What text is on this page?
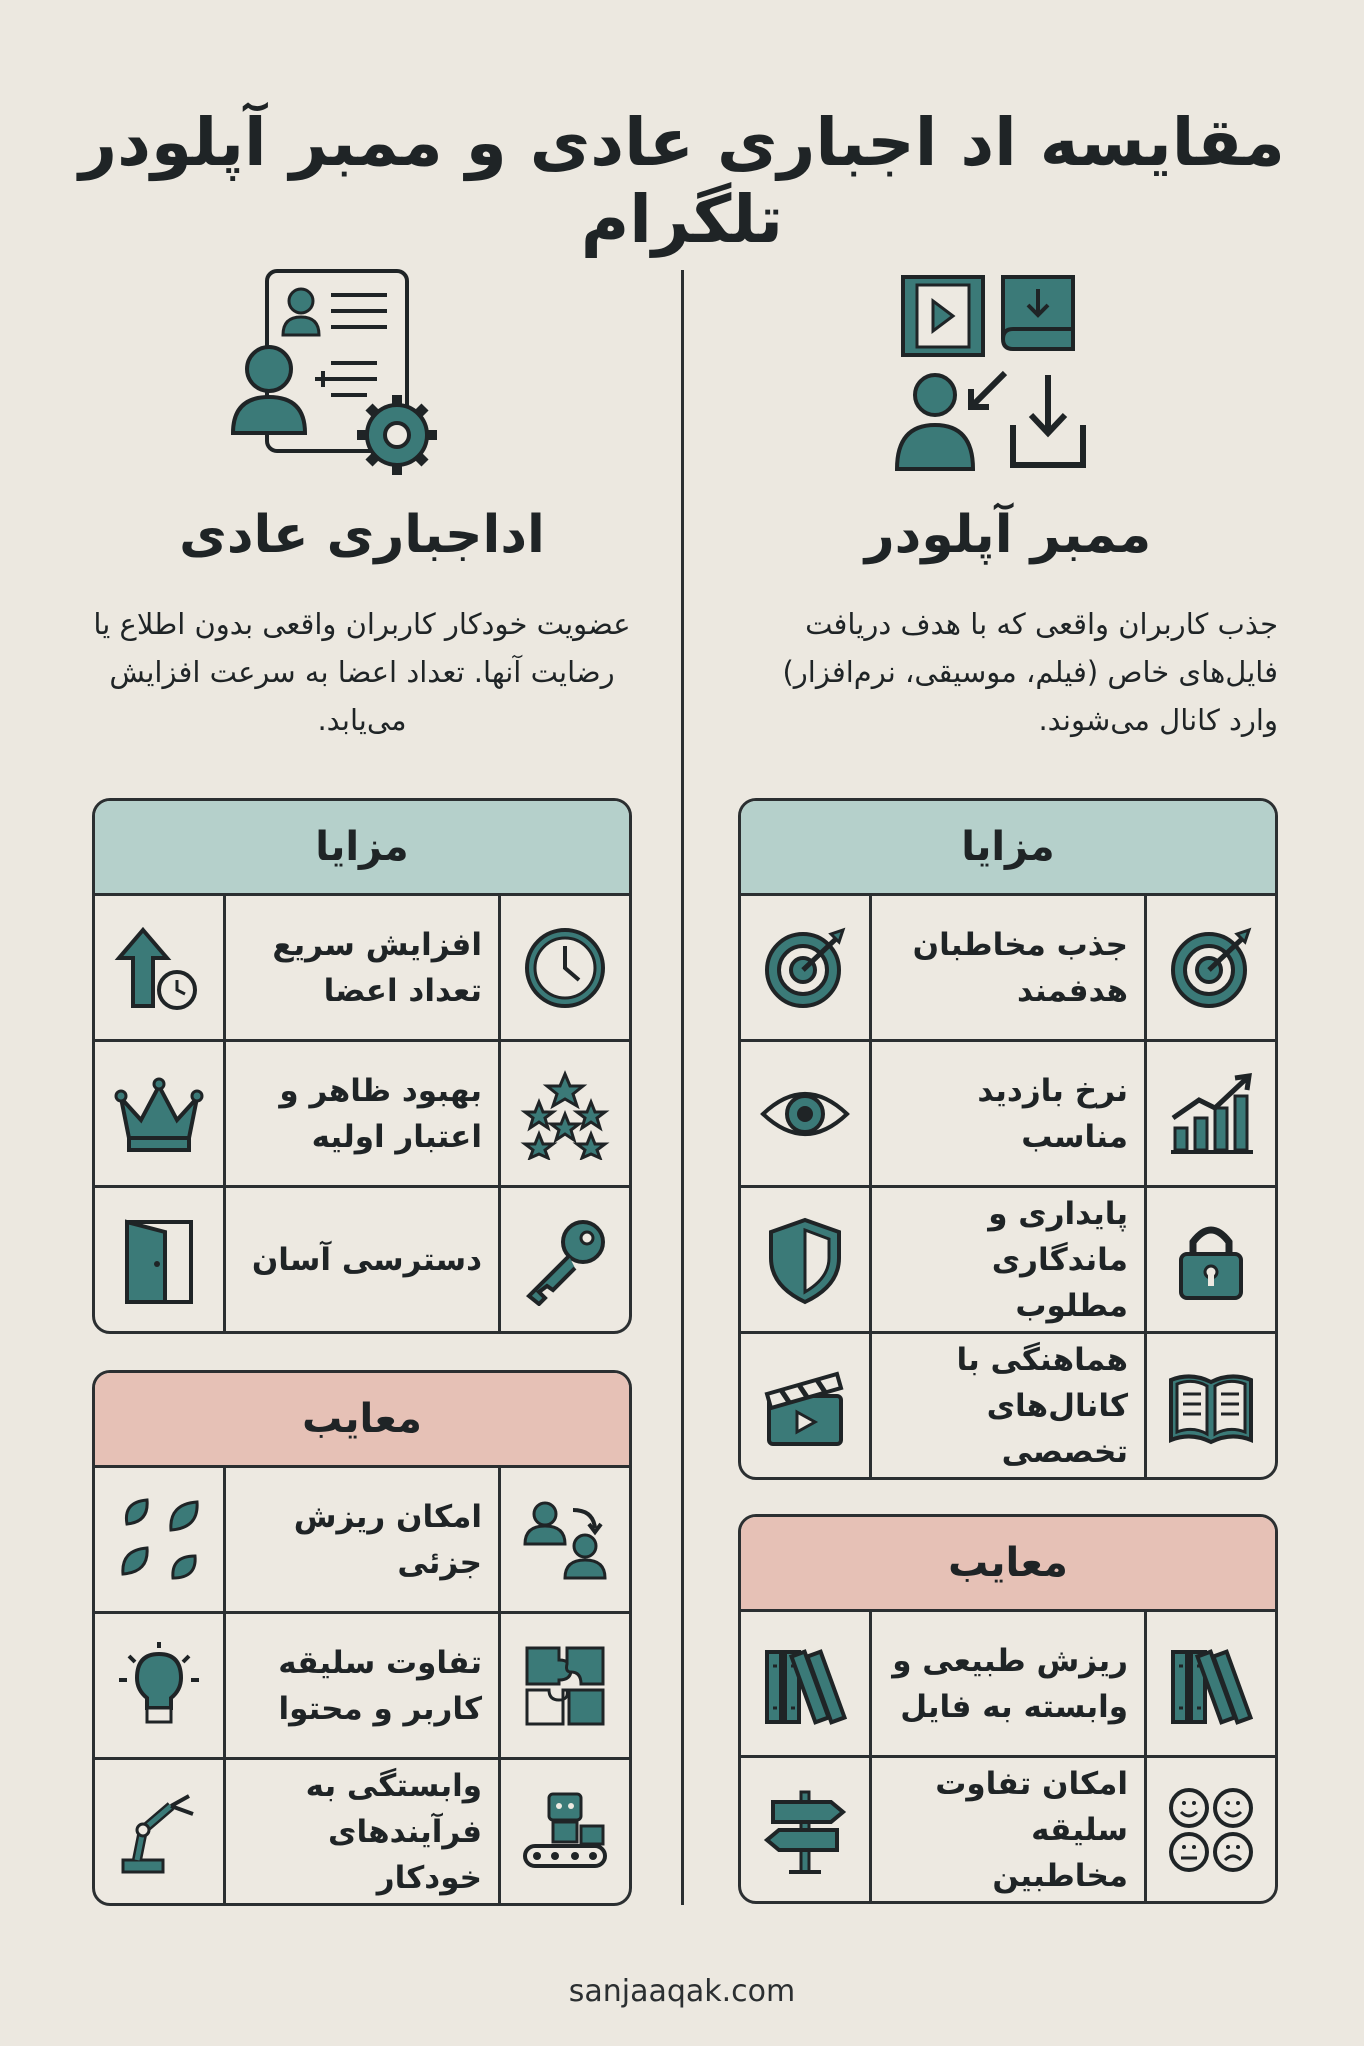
مقایسه اد اجباری عادی و ممبر آپلودر تلگرام
ممبر آپلودر
جذب کاربران واقعی که با هدف دریافت فایل‌های خاص (فیلم، موسیقی، نرم‌افزار) وارد کانال می‌شوند.
مزایا
جذب مخاطبان هدفمند
نرخ بازدید مناسب
پایداری و ماندگاری مطلوب
هماهنگی با کانال‌های تخصصی
معایب
ریزش طبیعی و وابسته به فایل
امکان تفاوت سلیقه مخاطبین
اداجباری عادی
عضویت خودکار کاربران واقعی بدون اطلاع یا رضایت آنها. تعداد اعضا به سرعت افزایش می‌یابد.
مزایا
افزایش سریع تعداد اعضا
بهبود ظاهر و اعتبار اولیه
دسترسی آسان
معایب
امکان ریزش جزئی
تفاوت سلیقه کاربر و محتوا
وابستگی به فرآیندهای خودکار
sanjaaqak.com
